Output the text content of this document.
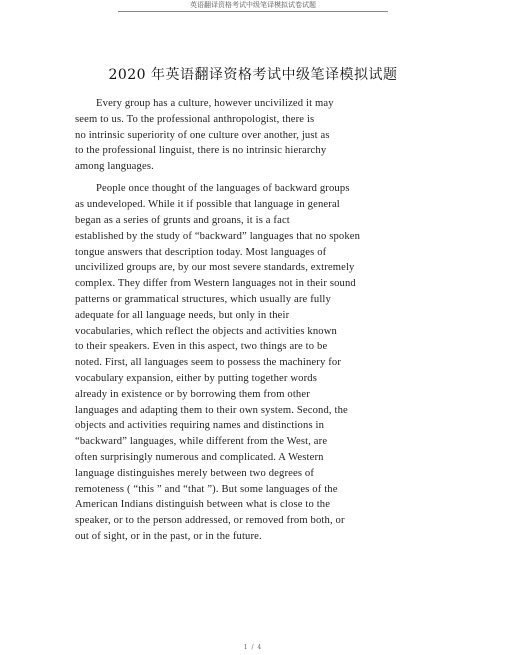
英语翻译资格考试中级笔译模拟试卷试题
2020 年英语翻译资格考试中级笔译模拟试题

Every group has a culture, however uncivilized it may
seem to us. To the professional anthropologist, there is
no intrinsic superiority of one culture over another, just as
to the professional linguist, there is no intrinsic hierarchy
among languages.

People once thought of the languages of backward groups
as undeveloped. While it if possible that language in general
began as a series of grunts and groans, it is a fact
established by the study of “backward” languages that no spoken
tongue answers that description today. Most languages of
uncivilized groups are, by our most severe standards, extremely
complex. They differ from Western languages not in their sound
patterns or grammatical structures, which usually are fully
adequate for all language needs, but only in their
vocabularies, which reflect the objects and activities known
to their speakers. Even in this aspect, two things are to be
noted. First, all languages seem to possess the machinery for
vocabulary expansion, either by putting together words
already in existence or by borrowing them from other
languages and adapting them to their own system. Second, the
objects and activities requiring names and distinctions in
“backward” languages, while different from the West, are
often surprisingly numerous and complicated. A Western
language distinguishes merely between two degrees of
remoteness ( “this ” and “that ”). But some languages of the
American Indians distinguish between what is close to the
speaker, or to the person addressed, or removed from both, or
out of sight, or in the past, or in the future.

1 / 4
